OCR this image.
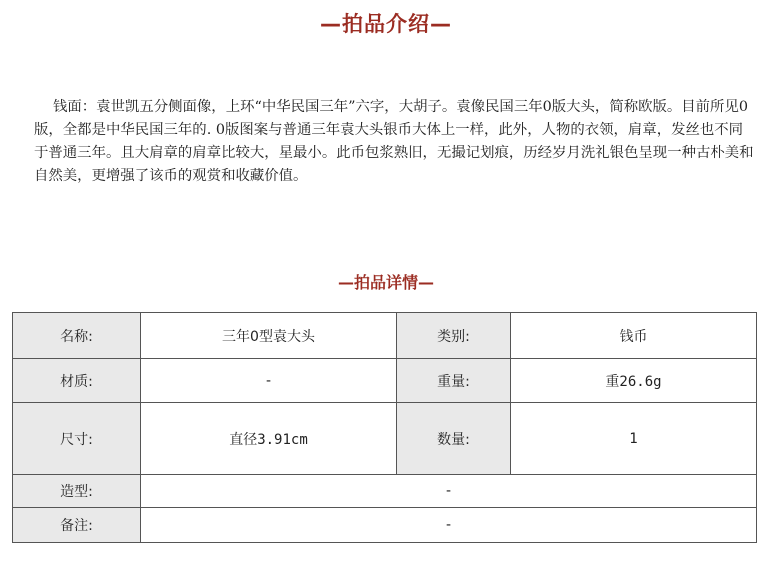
—拍品介绍—
钱面：袁世凯五分侧面像，上环“中华民国三年”六字，大胡子。袁像民国三年0版大头，简称欧版。目前所见0版，全都是中华民国三年的. 0版图案与普通三年袁大头银币大体上一样，此外，人物的衣领，肩章，发丝也不同于普通三年。且大肩章的肩章比较大，星最小。此币包浆熟旧，无撮记划痕，历经岁月洗礼银色呈现一种古朴美和自然美，更增强了该币的观赏和收藏价值。
—拍品详情—
名称:	三年0型袁大头	类别:	钱币
材质:	-	重量:	重26.6g
尺寸:	直径3.91cm	数量:	1
造型:	-		
备注:	-		
